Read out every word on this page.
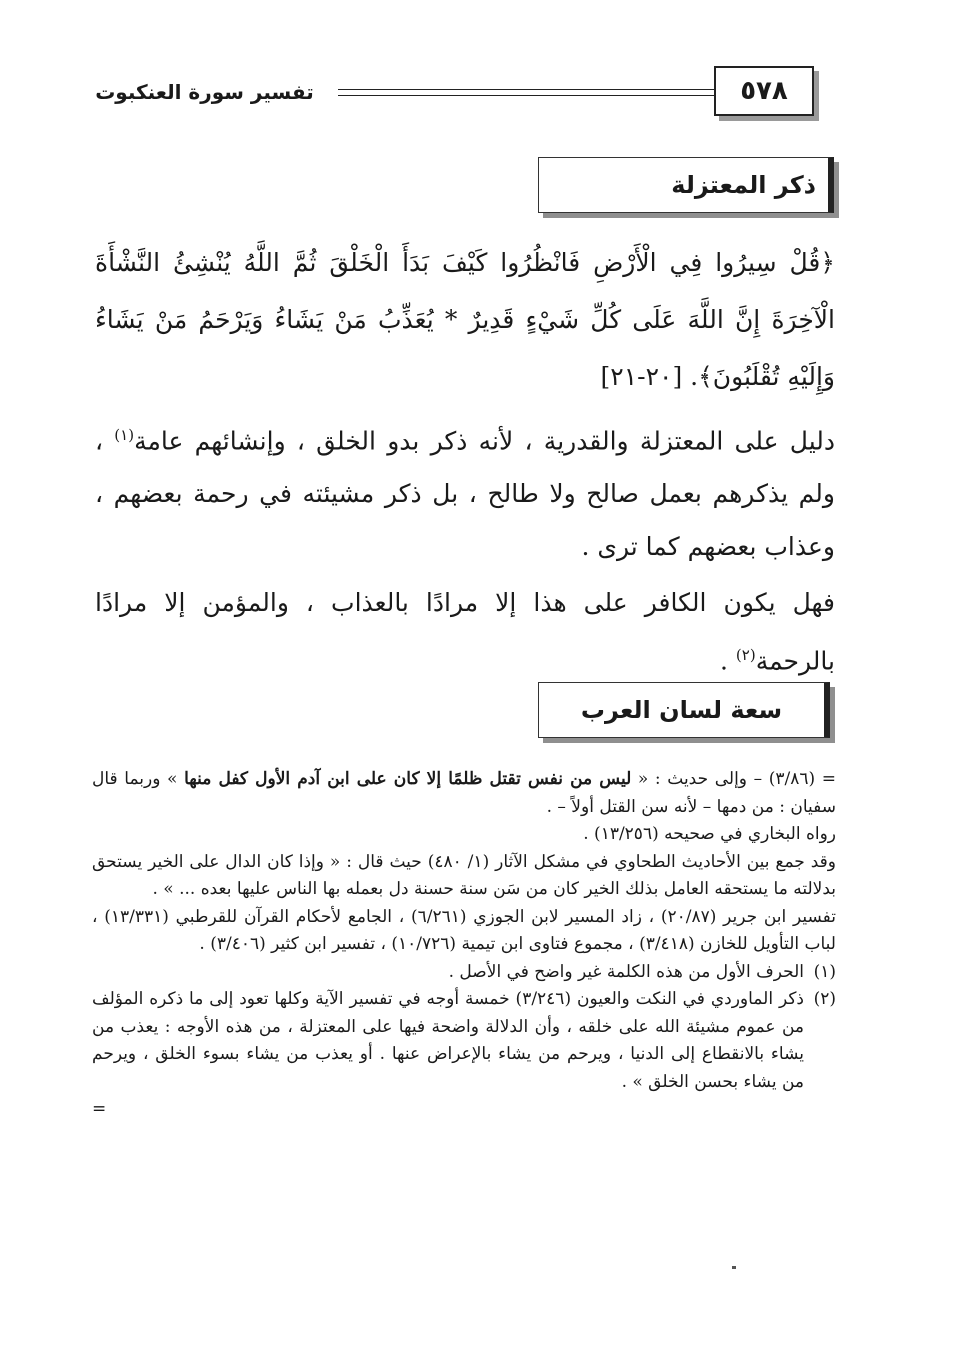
٥٧٨
تفسير سورة العنكبوت
ذكر المعتزلة
﴿قُلْ سِيرُوا فِي الْأَرْضِ فَانْظُرُوا كَيْفَ بَدَأَ الْخَلْقَ ثُمَّ اللَّهُ يُنْشِئُ النَّشْأَةَ الْآخِرَةَ إِنَّ اللَّهَ عَلَى كُلِّ شَيْءٍ قَدِيرٌ * يُعَذِّبُ مَنْ يَشَاءُ وَيَرْحَمُ مَنْ يَشَاءُ وَإِلَيْهِ تُقْلَبُونَ﴾. [٢٠-٢١]
دليل على المعتزلة والقدرية ، لأنه ذكر بدو الخلق ، وإنشائهم عامة$^{(١)}$ ، ولم يذكرهم بعمل صالح ولا طالح ، بل ذكر مشيئته في رحمة بعضهم ، وعذاب بعضهم كما ترى .
فهل يكون الكافر على هذا إلا مرادًا بالعذاب ، والمؤمن إلا مرادًا بالرحمة$^{(٢)}$ .
سعة لسان العرب
= (٣/٨٦) – وإلى حديث : « ليس من نفس تقتل ظلمًا إلا كان على ابن آدم الأول كفل منها » وربما قال سفيان : من دمها – لأنه سن القتل أولاً – .
رواه البخاري في صحيحه (١٣/٢٥٦) .
وقد جمع بين الأحاديث الطحاوي في مشكل الآثار (١/ ٤٨٠) حيث قال : « وإذا كان الدال على الخير يستحق بدلالته ما يستحقه العامل بذلك الخير كان من سَن سنة حسنة دل بعمله بها الناس عليها بعده ... » .
تفسير ابن جرير (٢٠/٨٧) ، زاد المسير لابن الجوزي (٦/٢٦١) ، الجامع لأحكام القرآن للقرطبي (١٣/٣٣١) ، لباب التأويل للخازن (٣/٤١٨) ، مجموع فتاوى ابن تيمية (١٠/٧٢٦) ، تفسير ابن كثير (٣/٤٠٦) .
(١)
الحرف الأول من هذه الكلمة غير واضح في الأصل .
(٢)
ذكر الماوردي في النكت والعيون (٣/٢٤٦) خمسة أوجه في تفسير الآية وكلها تعود إلى ما ذكره المؤلف من عموم مشيئة الله على خلقه ، وأن الدلالة واضحة فيها على المعتزلة ، من هذه الأوجه : يعذب من يشاء بالانقطاع إلى الدنيا ، ويرحم من يشاء بالإعراض عنها . أو يعذب من يشاء بسوء الخلق ، ويرحم من يشاء بحسن الخلق » .
=
